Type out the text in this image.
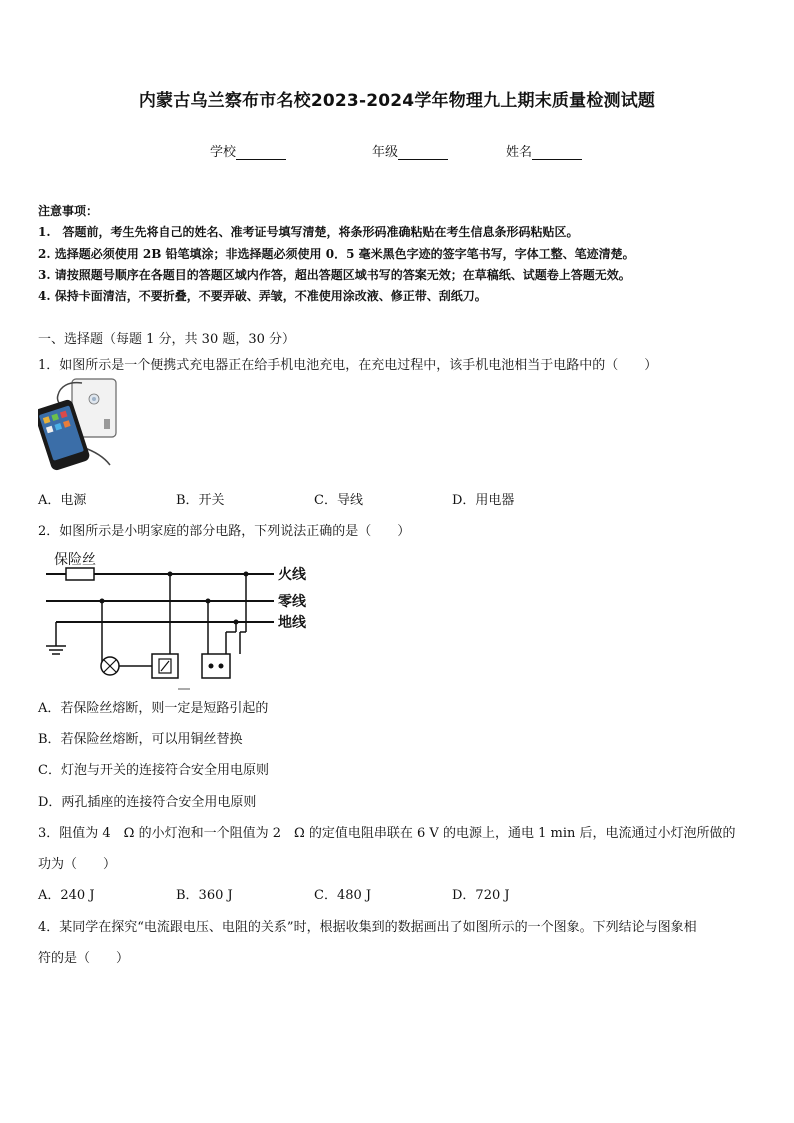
内蒙古乌兰察布市名校2023-2024学年物理九上期末质量检测试题
学校	年级	姓名
注意事项：
1.　答题前，考生先将自己的姓名、准考证号填写清楚，将条形码准确粘贴在考生信息条形码粘贴区。
2. 选择题必须使用 2B 铅笔填涂；非选择题必须使用 0．5 毫米黑色字迹的签字笔书写，字体工整、笔迹清楚。
3. 请按照题号顺序在各题目的答题区域内作答，超出答题区域书写的答案无效；在草稿纸、试题卷上答题无效。
4. 保持卡面清洁，不要折叠，不要弄破、弄皱，不准使用涂改液、修正带、刮纸刀。
一、选择题（每题 1 分，共 30 题，30 分）
1．如图所示是一个便携式充电器正在给手机电池充电，在充电过程中，该手机电池相当于电路中的（　　）
A．电源	B．开关	C．导线	D．用电器
2．如图所示是小明家庭的部分电路，下列说法正确的是（　　）
保险丝
火线
零线
地线
A．若保险丝熔断，则一定是短路引起的
B．若保险丝熔断，可以用铜丝替换
C．灯泡与开关的连接符合安全用电原则
D．两孔插座的连接符合安全用电原则
3．阻值为 4　Ω 的小灯泡和一个阻值为 2　Ω 的定值电阻串联在 6 V 的电源上，通电 1 min 后，电流通过小灯泡所做的
功为（　　）
A．240 J	B．360 J	C．480 J	D．720 J
4．某同学在探究“电流跟电压、电阻的关系”时，根据收集到的数据画出了如图所示的一个图象。下列结论与图象相
符的是（　　）
